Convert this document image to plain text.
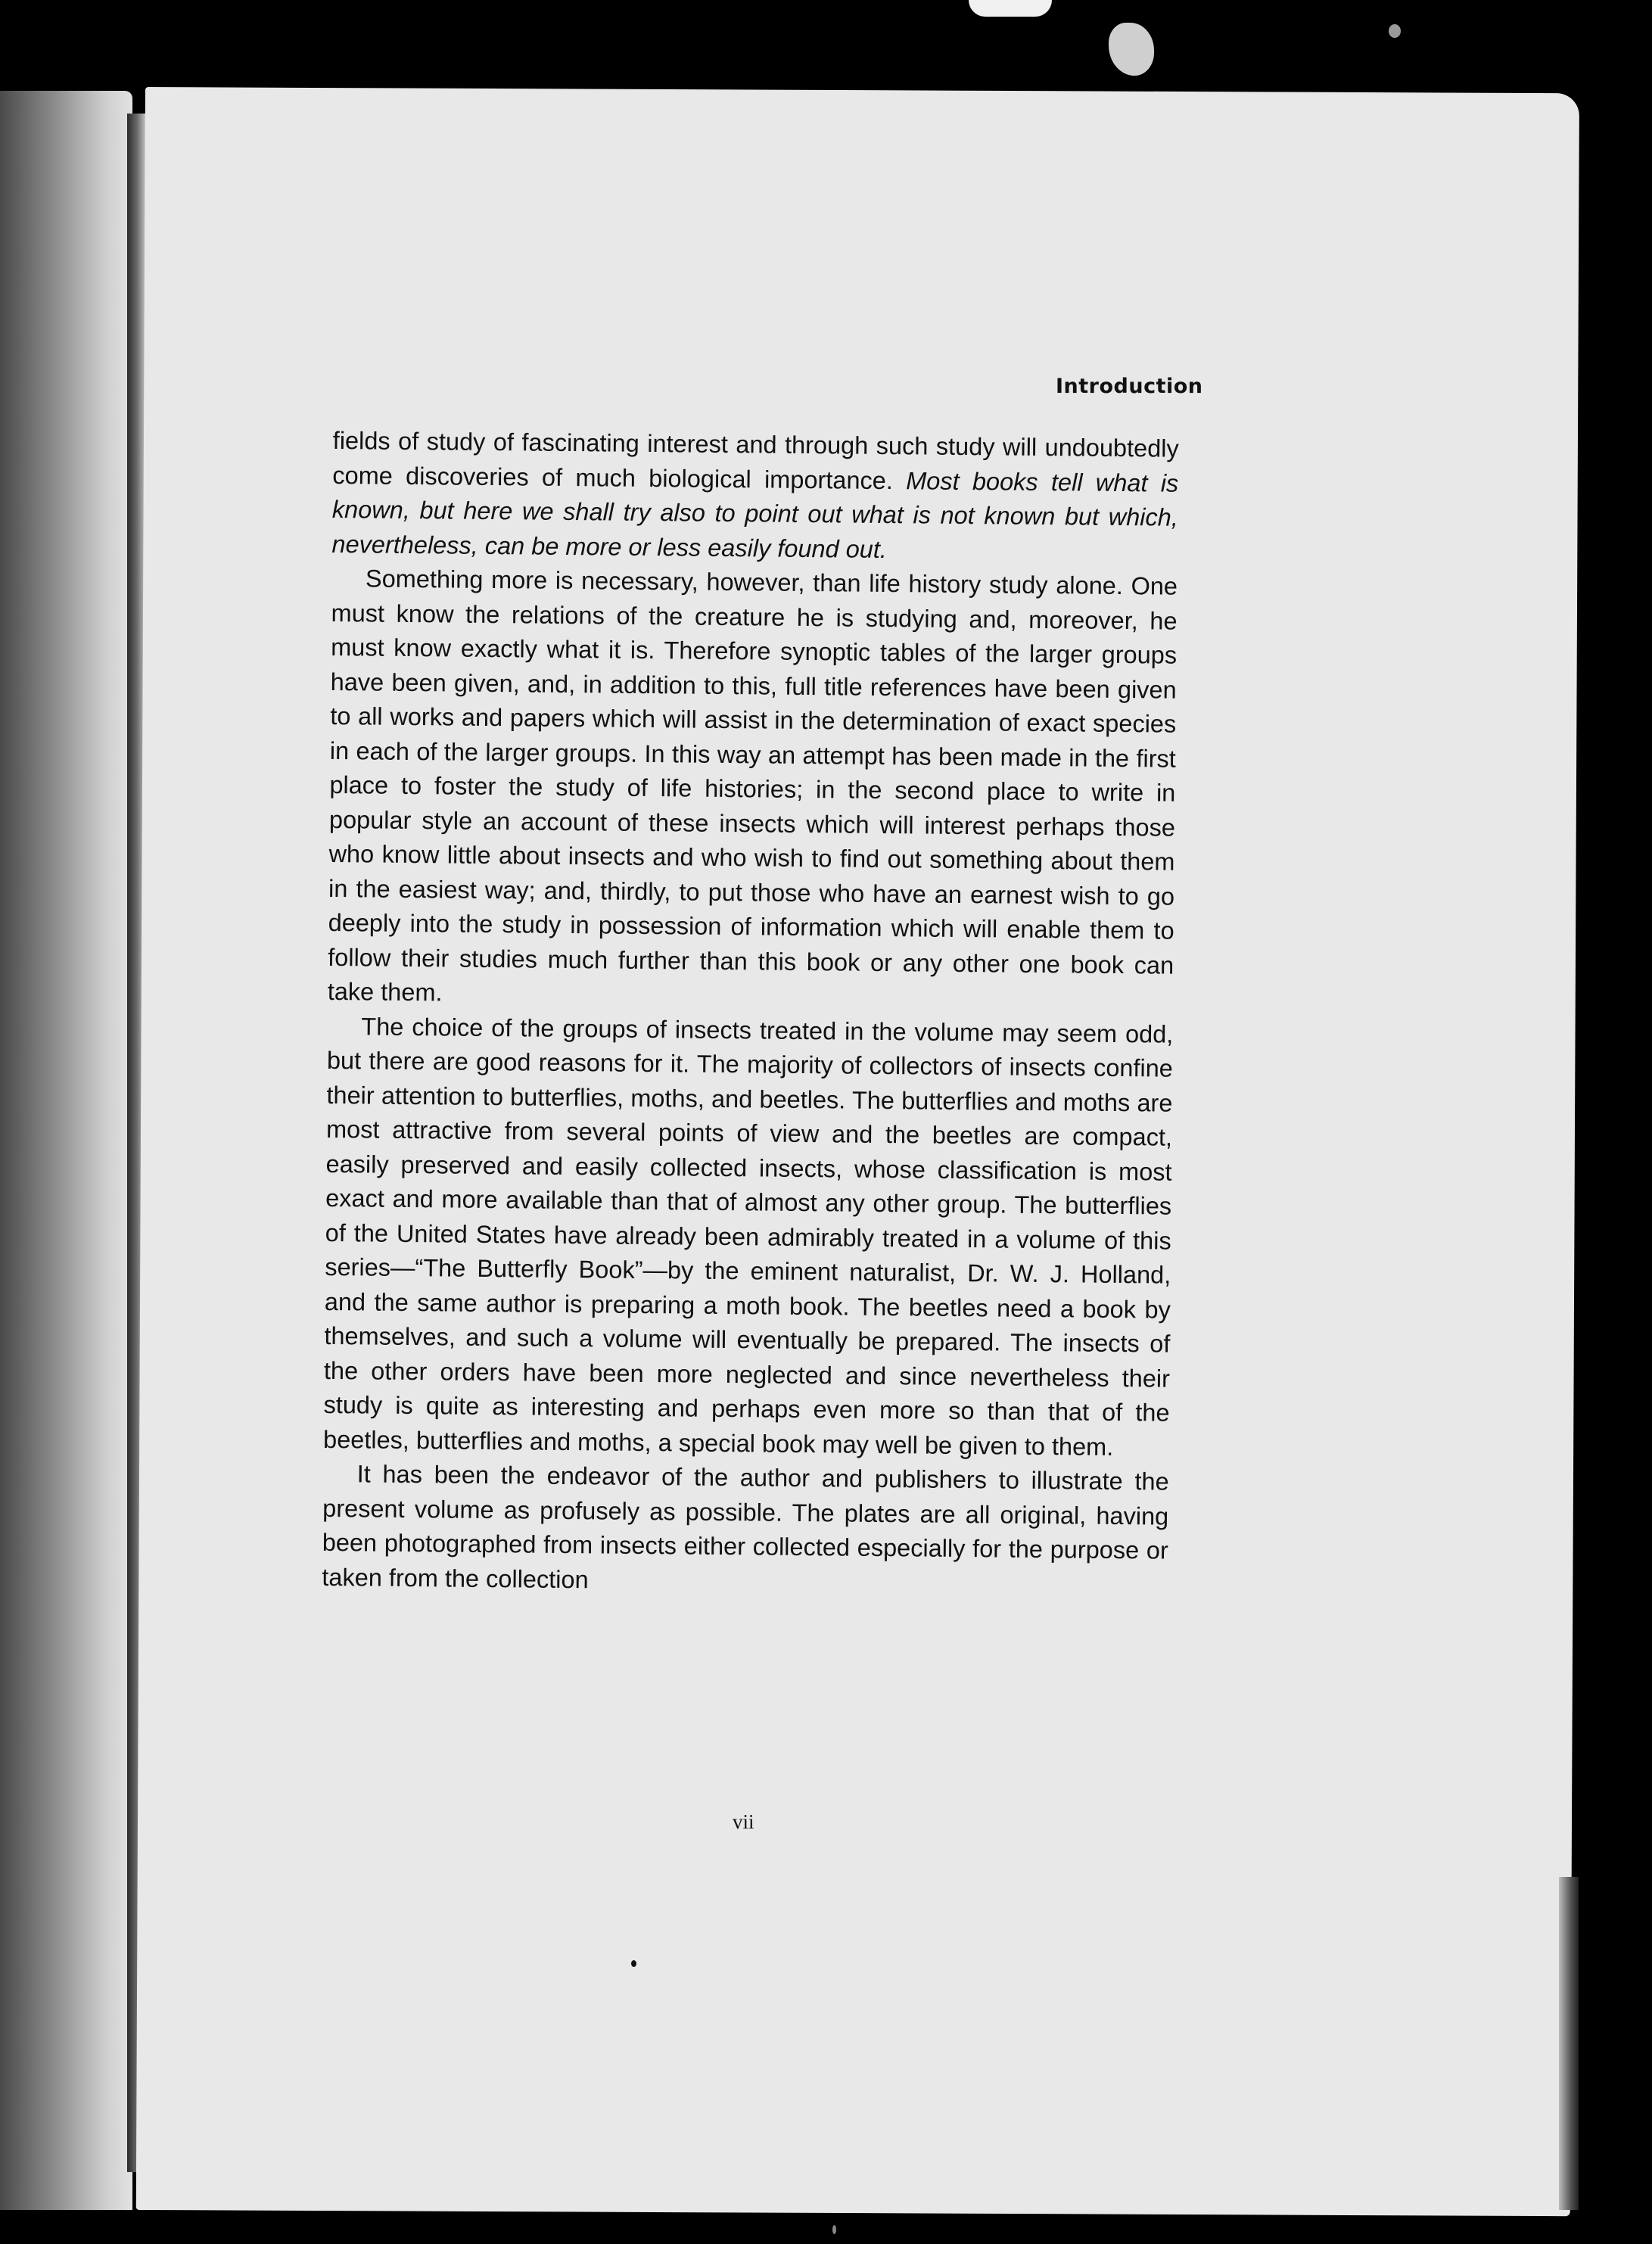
Introduction

fields of study of fascinating interest and through such study will undoubtedly come discoveries of much biological importance. Most books tell what is known, but here we shall try also to point out what is not known but which, nevertheless, can be more or less easily found out.

Something more is necessary, however, than life history study alone. One must know the relations of the creature he is studying and, moreover, he must know exactly what it is. Therefore synoptic tables of the larger groups have been given, and, in addition to this, full title references have been given to all works and papers which will assist in the determination of exact species in each of the larger groups. In this way an attempt has been made in the first place to foster the study of life histories; in the second place to write in popular style an account of these insects which will interest perhaps those who know little about insects and who wish to find out something about them in the easiest way; and, thirdly, to put those who have an earnest wish to go deeply into the study in possession of information which will enable them to follow their studies much further than this book or any other one book can take them.

The choice of the groups of insects treated in the volume may seem odd, but there are good reasons for it. The majority of collectors of insects confine their attention to butterflies, moths, and beetles. The butterflies and moths are most attractive from several points of view and the beetles are compact, easily preserved and easily collected insects, whose classification is most exact and more available than that of almost any other group. The butterflies of the United States have already been admirably treated in a volume of this series—“The Butterfly Book”—by the eminent naturalist, Dr. W. J. Holland, and the same author is preparing a moth book. The beetles need a book by themselves, and such a volume will eventually be prepared. The insects of the other orders have been more neglected and since nevertheless their study is quite as interesting and perhaps even more so than that of the beetles, butterflies and moths, a special book may well be given to them.

It has been the endeavor of the author and publishers to illustrate the present volume as profusely as possible. The plates are all original, having been photographed from insects either collected especially for the purpose or taken from the collection

vii
